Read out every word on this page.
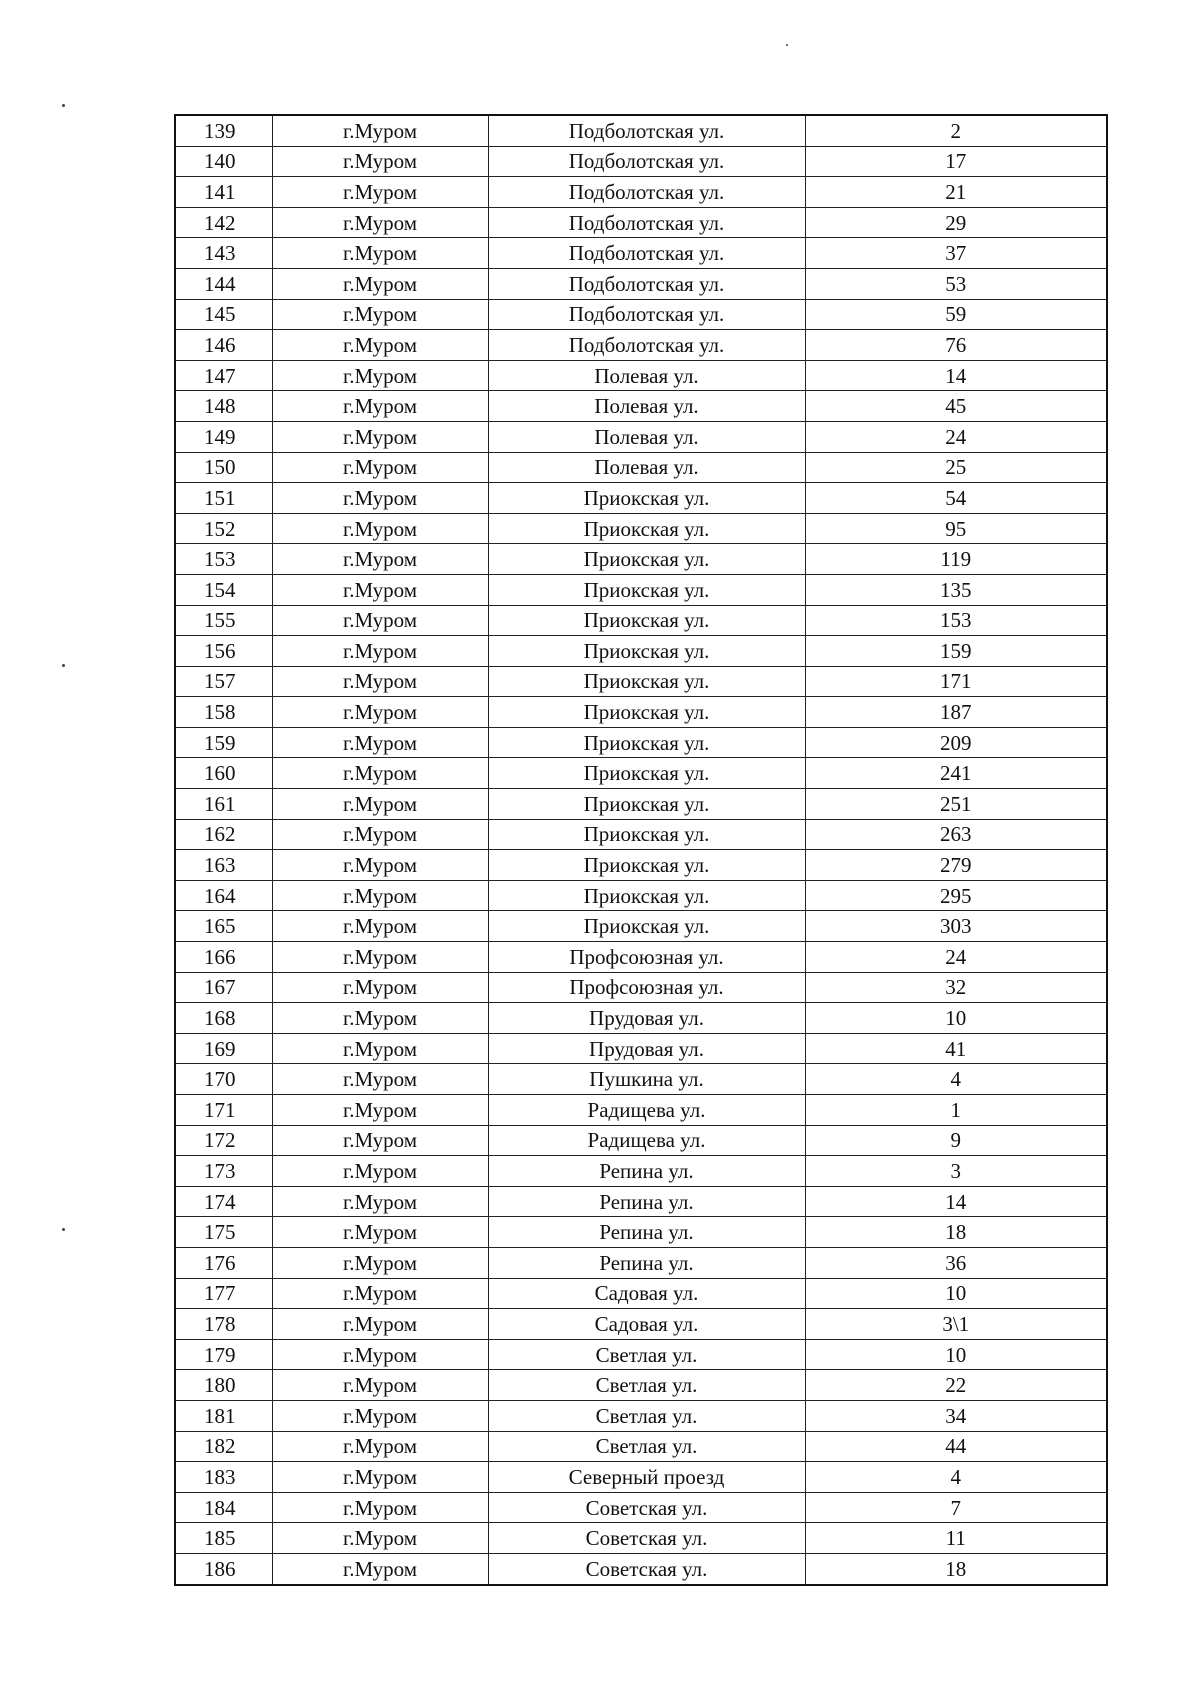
139	г.Муром	Подболотская ул.	2
140	г.Муром	Подболотская ул.	17
141	г.Муром	Подболотская ул.	21
142	г.Муром	Подболотская ул.	29
143	г.Муром	Подболотская ул.	37
144	г.Муром	Подболотская ул.	53
145	г.Муром	Подболотская ул.	59
146	г.Муром	Подболотская ул.	76
147	г.Муром	Полевая ул.	14
148	г.Муром	Полевая ул.	45
149	г.Муром	Полевая ул.	24
150	г.Муром	Полевая ул.	25
151	г.Муром	Приокская ул.	54
152	г.Муром	Приокская ул.	95
153	г.Муром	Приокская ул.	119
154	г.Муром	Приокская ул.	135
155	г.Муром	Приокская ул.	153
156	г.Муром	Приокская ул.	159
157	г.Муром	Приокская ул.	171
158	г.Муром	Приокская ул.	187
159	г.Муром	Приокская ул.	209
160	г.Муром	Приокская ул.	241
161	г.Муром	Приокская ул.	251
162	г.Муром	Приокская ул.	263
163	г.Муром	Приокская ул.	279
164	г.Муром	Приокская ул.	295
165	г.Муром	Приокская ул.	303
166	г.Муром	Профсоюзная ул.	24
167	г.Муром	Профсоюзная ул.	32
168	г.Муром	Прудовая ул.	10
169	г.Муром	Прудовая ул.	41
170	г.Муром	Пушкина ул.	4
171	г.Муром	Радищева ул.	1
172	г.Муром	Радищева ул.	9
173	г.Муром	Репина ул.	3
174	г.Муром	Репина ул.	14
175	г.Муром	Репина ул.	18
176	г.Муром	Репина ул.	36
177	г.Муром	Садовая ул.	10
178	г.Муром	Садовая ул.	3\1
179	г.Муром	Светлая ул.	10
180	г.Муром	Светлая ул.	22
181	г.Муром	Светлая ул.	34
182	г.Муром	Светлая ул.	44
183	г.Муром	Северный проезд	4
184	г.Муром	Советская ул.	7
185	г.Муром	Советская ул.	11
186	г.Муром	Советская ул.	18
